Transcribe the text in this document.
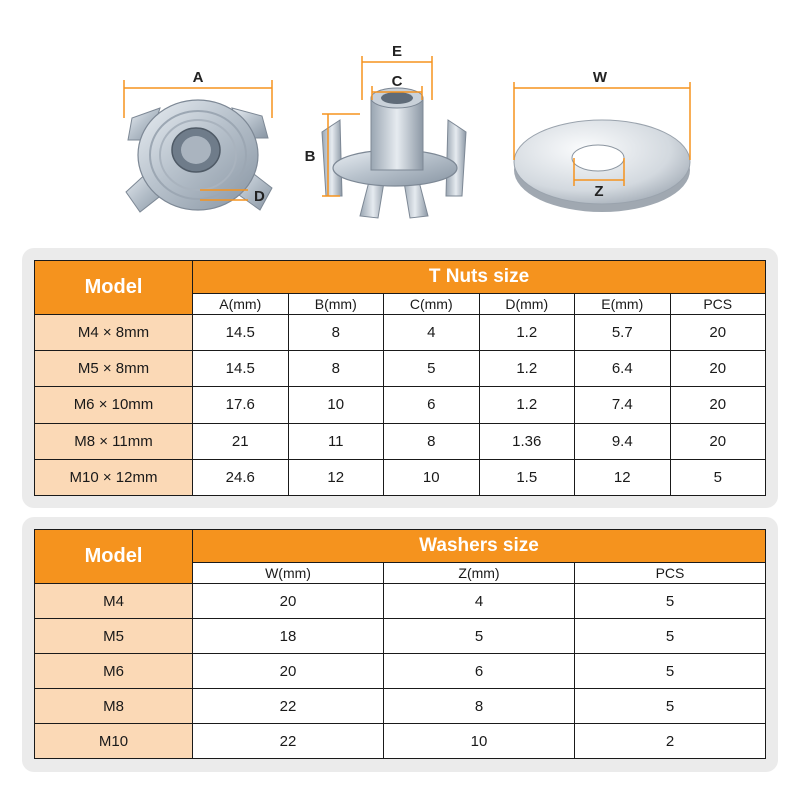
A
D
E
C
B
W
Z
Model	T Nuts size					
	A(mm)	B(mm)	C(mm)	D(mm)	E(mm)	PCS
M4 × 8mm	14.5	8	4	1.2	5.7	20
M5 × 8mm	14.5	8	5	1.2	6.4	20
M6 × 10mm	17.6	10	6	1.2	7.4	20
M8 × 11mm	21	11	8	1.36	9.4	20
M10 × 12mm	24.6	12	10	1.5	12	5
Model	Washers size		
	W(mm)	Z(mm)	PCS
M4	20	4	5
M5	18	5	5
M6	20	6	5
M8	22	8	5
M10	22	10	2
